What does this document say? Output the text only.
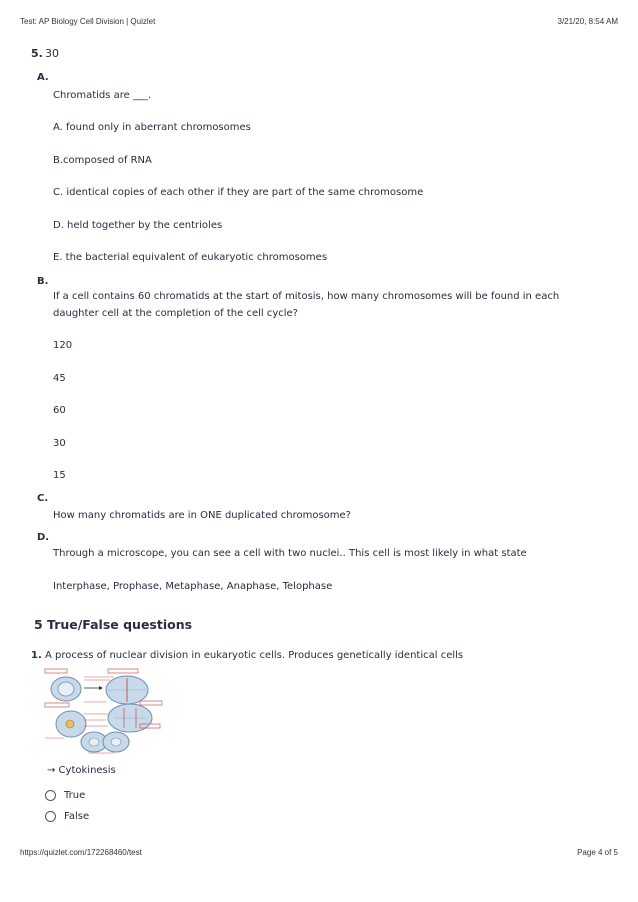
Test: AP Biology Cell Division | Quizlet	3/21/20, 8:54 AM
5. 30
A.
Chromatids are ___.
A. found only in aberrant chromosomes
B.composed of RNA
C. identical copies of each other if they are part of the same chromosome
D. held together by the centrioles
E. the bacterial equivalent of eukaryotic chromosomes
B.
If a cell contains 60 chromatids at the start of mitosis, how many chromosomes will be found in each daughter cell at the completion of the cell cycle?
120
45
60
30
15
C.
How many chromatids are in ONE duplicated chromosome?
D.
Through a microscope, you can see a cell with two nuclei.. This cell is most likely in what state
Interphase, Prophase, Metaphase, Anaphase, Telophase
5 True/False questions
1. A process of nuclear division in eukaryotic cells. Produces genetically identical cells
→ Cytokinesis
True
False
https://quizlet.com/172268460/test	Page 4 of 5
